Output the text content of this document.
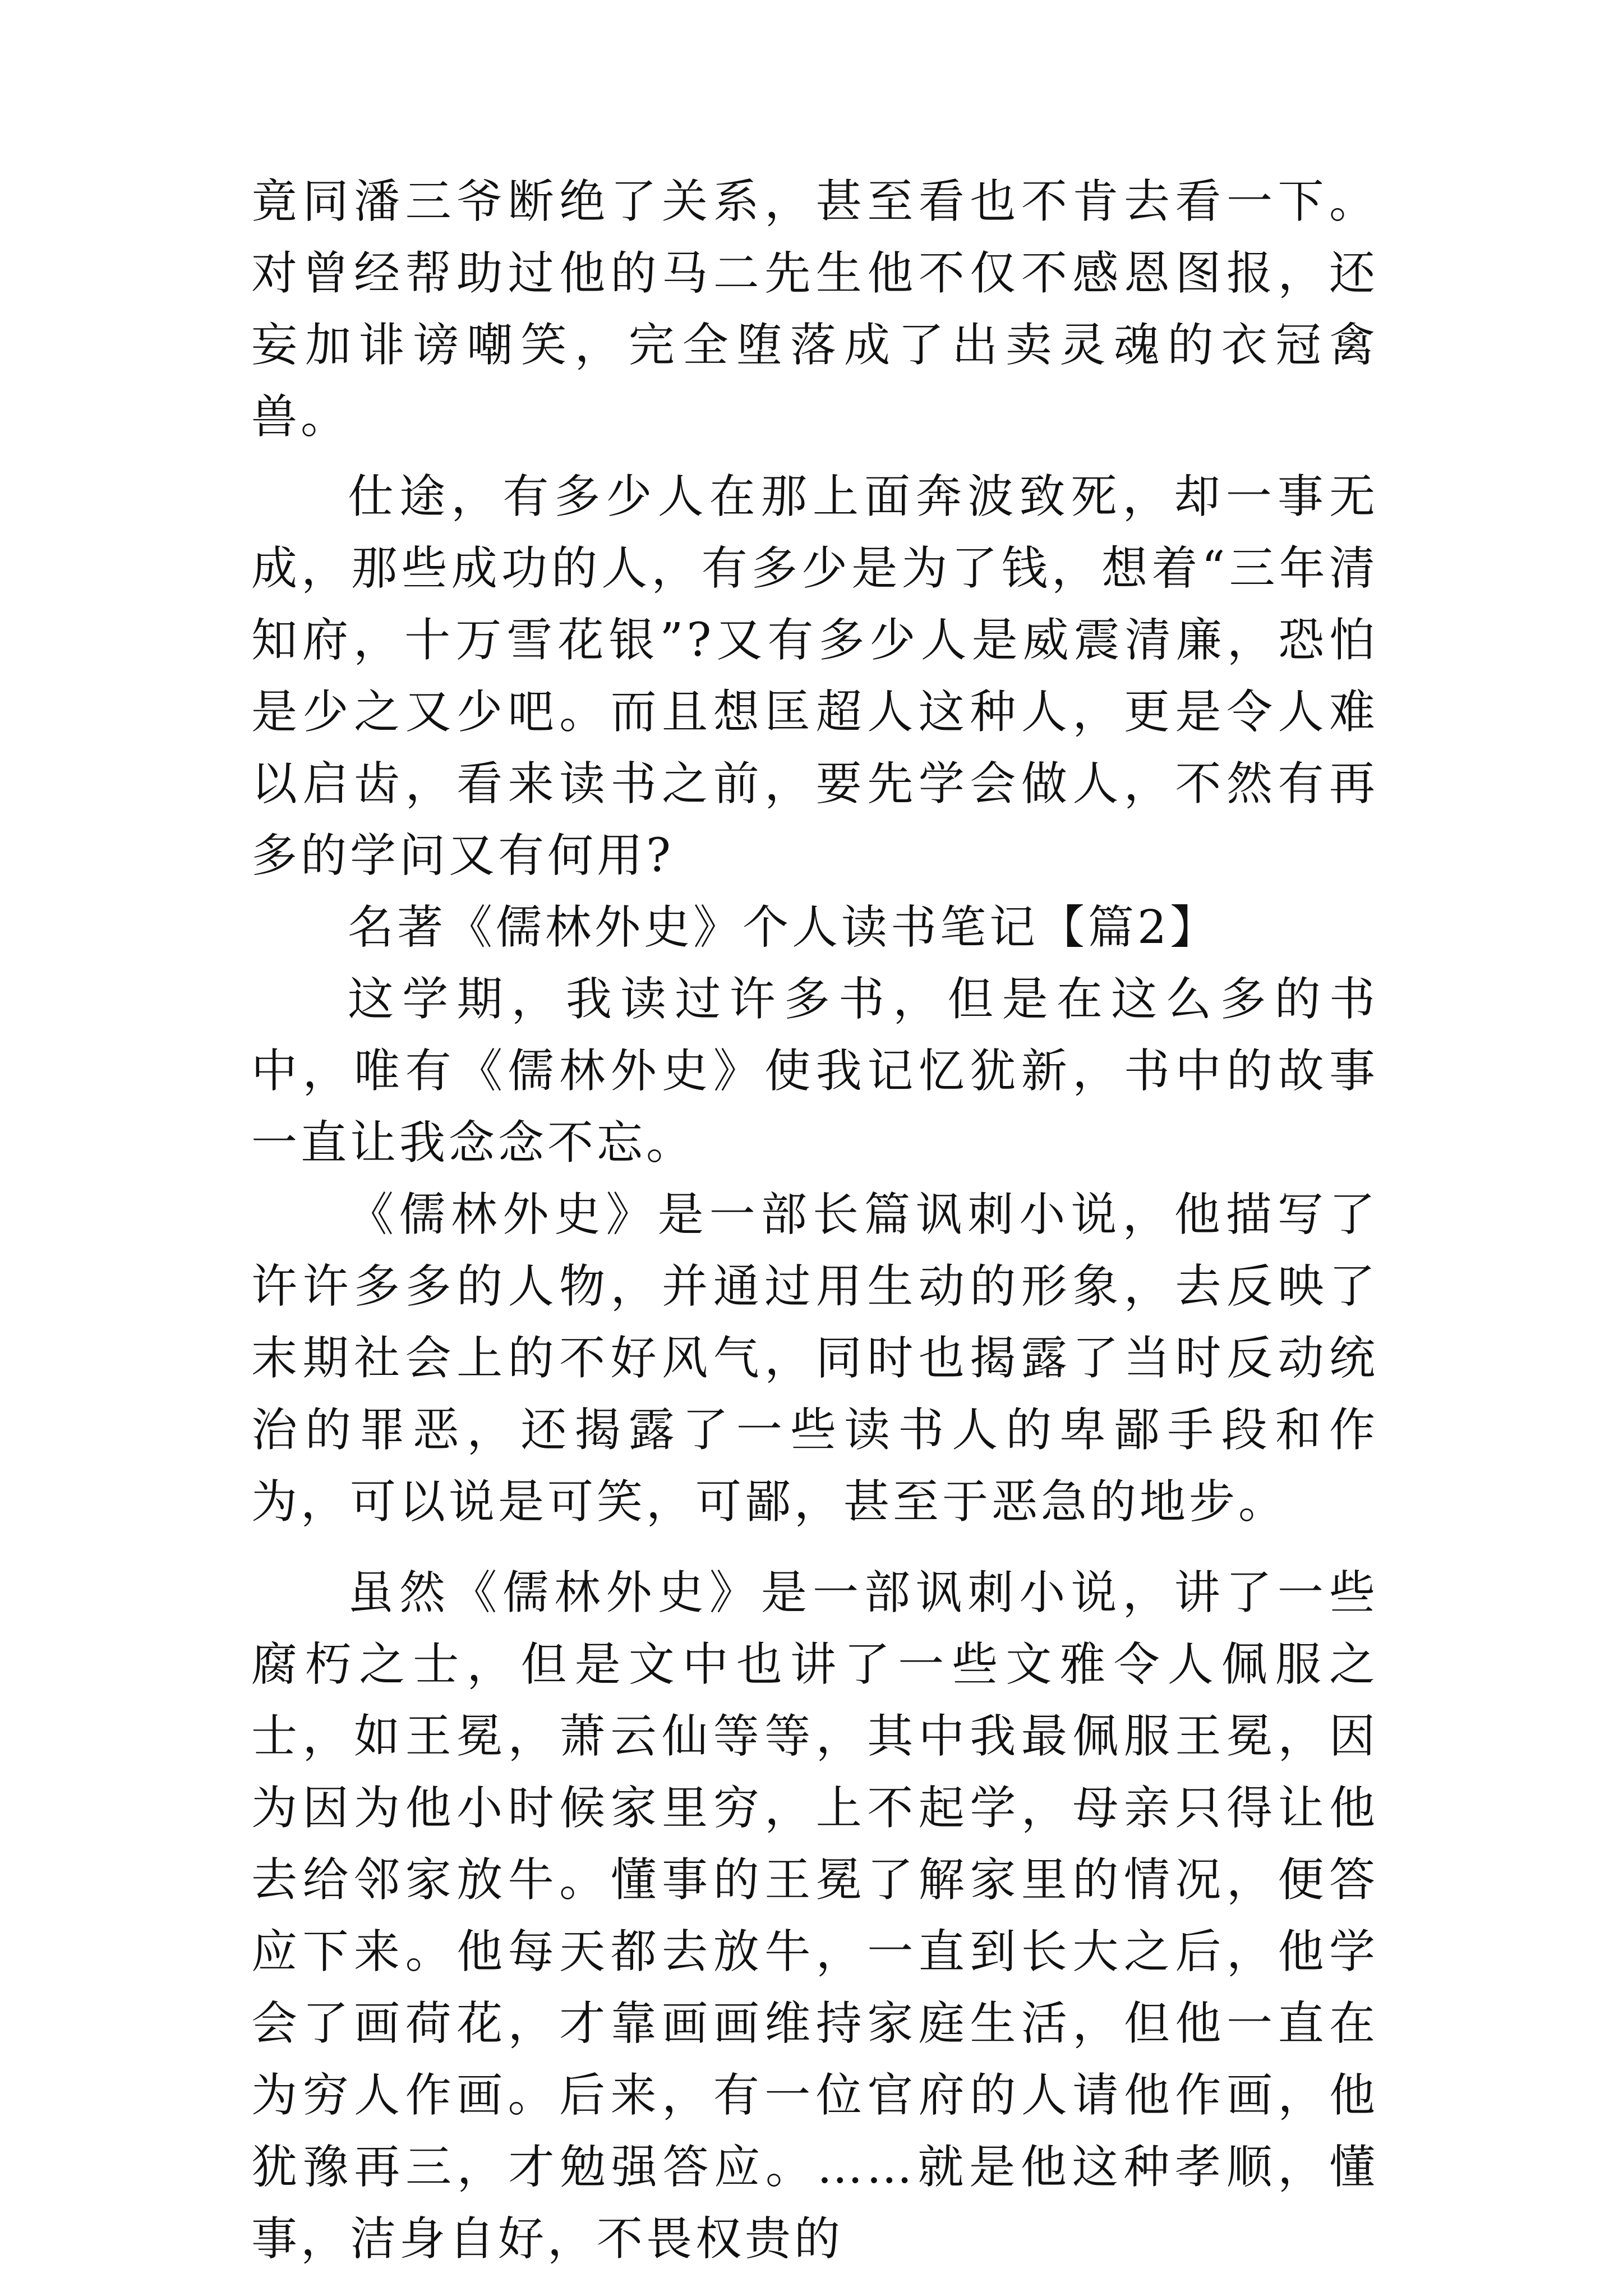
竟同潘三爷断绝了关系，甚至看也不肯去看一下。对曾经帮助过他的马二先生他不仅不感恩图报，还妄加诽谤嘲笑，完全堕落成了出卖灵魂的衣冠禽兽。

仕途，有多少人在那上面奔波致死，却一事无成，那些成功的人，有多少是为了钱，想着“三年清知府，十万雪花银”?又有多少人是威震清廉，恐怕是少之又少吧。而且想匡超人这种人，更是令人难以启齿，看来读书之前，要先学会做人，不然有再多的学问又有何用?

名著《儒林外史》个人读书笔记【篇2】

这学期，我读过许多书，但是在这么多的书中，唯有《儒林外史》使我记忆犹新，书中的故事一直让我念念不忘。

《儒林外史》是一部长篇讽刺小说，他描写了许许多多的人物，并通过用生动的形象，去反映了末期社会上的不好风气，同时也揭露了当时反动统治的罪恶，还揭露了一些读书人的卑鄙手段和作为，可以说是可笑，可鄙，甚至于恶急的地步。

虽然《儒林外史》是一部讽刺小说，讲了一些腐朽之士，但是文中也讲了一些文雅令人佩服之士，如王冕，萧云仙等等，其中我最佩服王冕，因为因为他小时候家里穷，上不起学，母亲只得让他去给邻家放牛。懂事的王冕了解家里的情况，便答应下来。他每天都去放牛，一直到长大之后，他学会了画荷花，才靠画画维持家庭生活，但他一直在为穷人作画。后来，有一位官府的人请他作画，他犹豫再三，才勉强答应。……就是他这种孝顺，懂事，洁身自好，不畏权贵的
